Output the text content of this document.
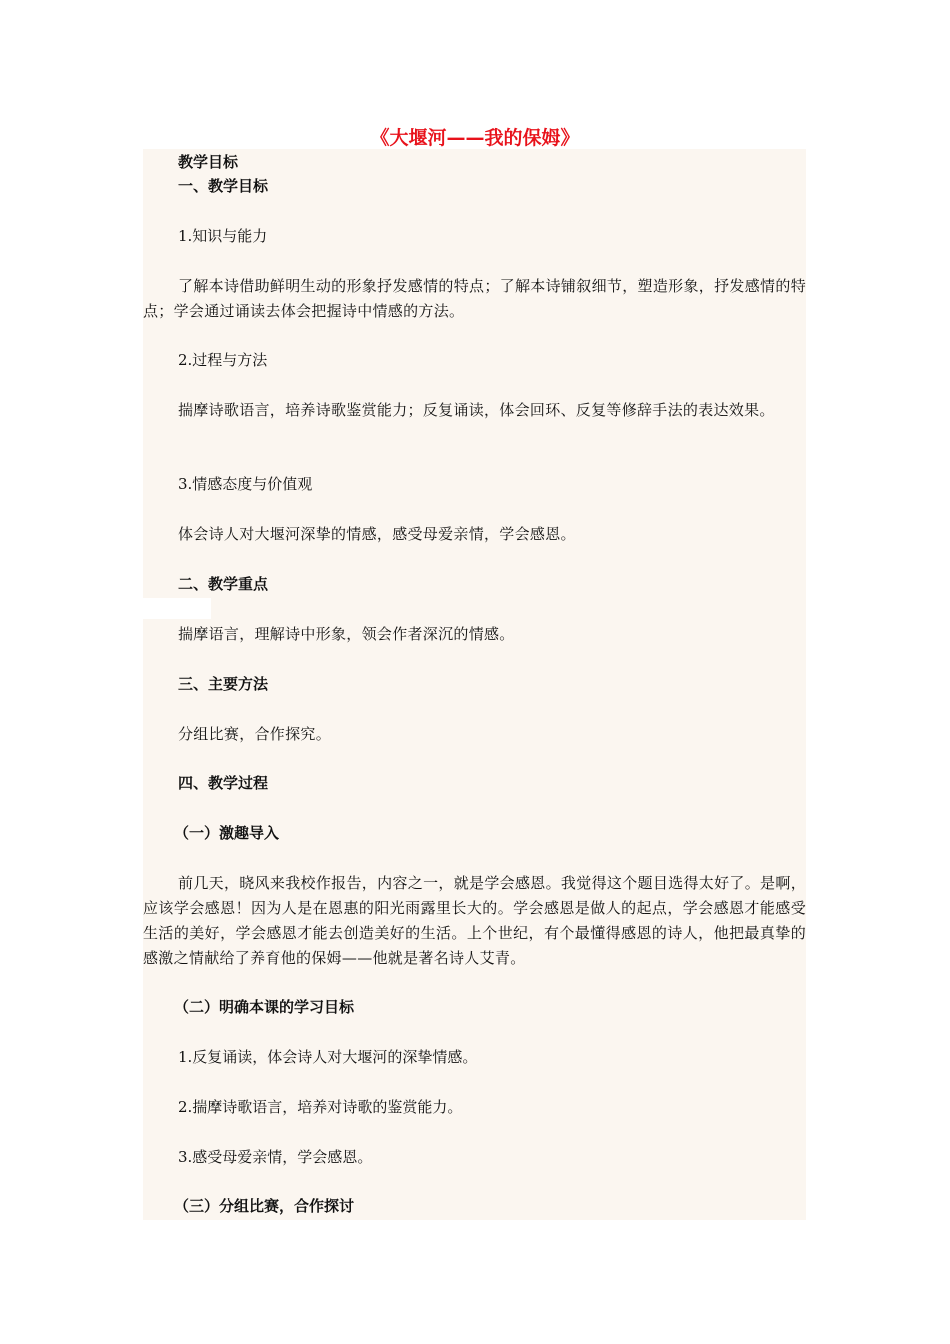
《大堰河——我的保姆》
教学目标
一、教学目标
1.知识与能力
了解本诗借助鲜明生动的形象抒发感情的特点；了解本诗铺叙细节，塑造形象，抒发感情的特点；学会通过诵读去体会把握诗中情感的方法。
2.过程与方法
揣摩诗歌语言，培养诗歌鉴赏能力；反复诵读，体会回环、反复等修辞手法的表达效果。
3.情感态度与价值观
体会诗人对大堰河深挚的情感，感受母爱亲情，学会感恩。
二、教学重点
揣摩语言，理解诗中形象，领会作者深沉的情感。
三、主要方法
分组比赛，合作探究。
四、教学过程
（一）激趣导入
前几天，晓风来我校作报告，内容之一，就是学会感恩。我觉得这个题目选得太好了。是啊，应该学会感恩！因为人是在恩惠的阳光雨露里长大的。学会感恩是做人的起点，学会感恩才能感受生活的美好，学会感恩才能去创造美好的生活。上个世纪，有个最懂得感恩的诗人，他把最真挚的感激之情献给了养育他的保姆——他就是著名诗人艾青。
（二）明确本课的学习目标
1.反复诵读，体会诗人对大堰河的深挚情感。
2.揣摩诗歌语言，培养对诗歌的鉴赏能力。
3.感受母爱亲情，学会感恩。
（三）分组比赛，合作探讨
